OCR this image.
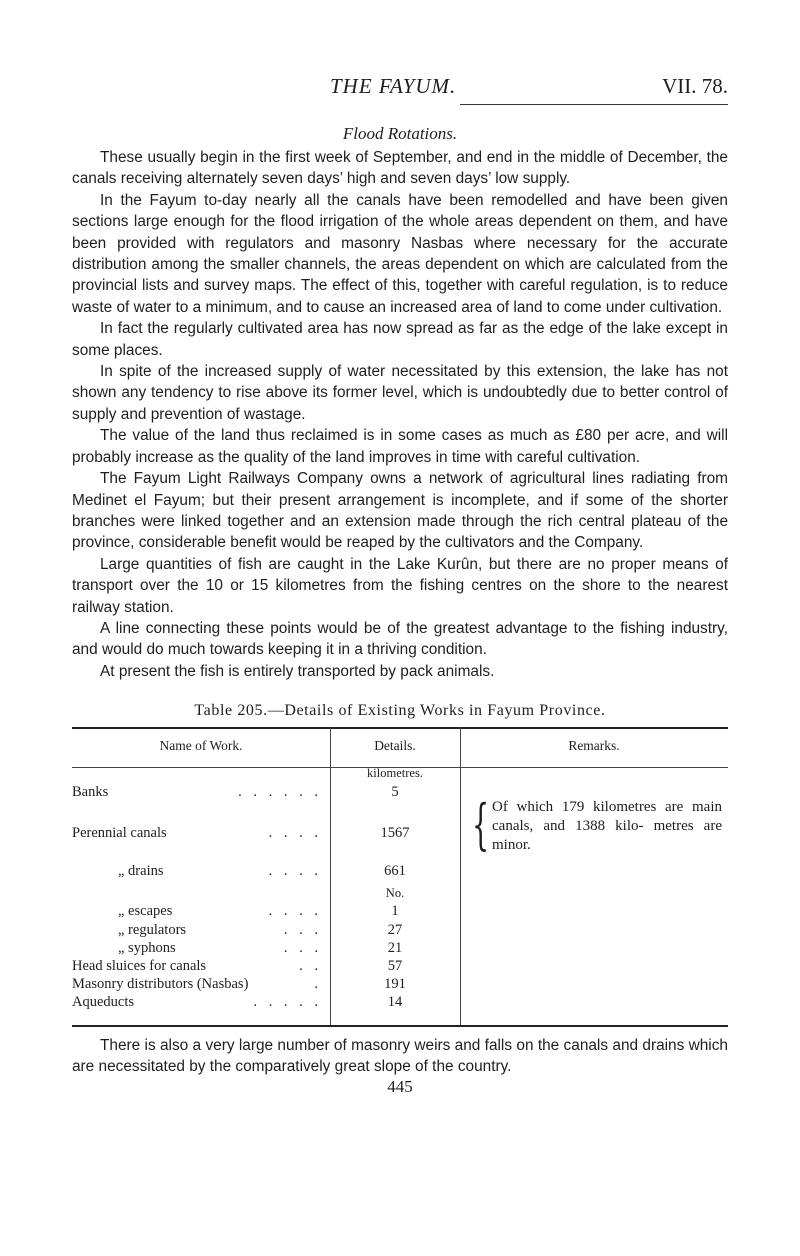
THE FAYUM.	VII. 78.
Flood Rotations.

These usually begin in the first week of September, and end in the middle of December, the canals receiving alternately seven days’ high and seven days’ low supply.

In the Fayum to-day nearly all the canals have been remodelled and have been given sections large enough for the flood irrigation of the whole areas dependent on them, and have been provided with regulators and masonry Nasbas where necessary for the accurate distribution among the smaller channels, the areas dependent on which are calculated from the provincial lists and survey maps. The effect of this, together with careful regulation, is to reduce waste of water to a minimum, and to cause an increased area of land to come under cultivation.

In fact the regularly cultivated area has now spread as far as the edge of the lake except in some places.

In spite of the increased supply of water necessitated by this extension, the lake has not shown any tendency to rise above its former level, which is undoubtedly due to better control of supply and prevention of wastage.

The value of the land thus reclaimed is in some cases as much as £80 per acre, and will probably increase as the quality of the land improves in time with careful cultivation.

The Fayum Light Railways Company owns a network of agricultural lines radiating from Medinet el Fayum; but their present arrangement is incomplete, and if some of the shorter branches were linked together and an extension made through the rich central plateau of the province, considerable benefit would be reaped by the cultivators and the Company.

Large quantities of fish are caught in the Lake Kurûn, but there are no proper means of transport over the 10 or 15 kilometres from the fishing centres on the shore to the nearest railway station.

A line connecting these points would be of the greatest advantage to the fishing industry, and would do much towards keeping it in a thriving condition.

At present the fish is entirely transported by pack animals.

Table 205.—Details of Existing Works in Fayum Province.
Name of Work.	Details.	Remarks.
kilometres.
Banks	. . . . . .	5
Perennial canals	. . . .	1567
„ drains	. . . .	661
No.
„ escapes	. . . .	1
„ regulators	. . .	27
„ syphons	. . .	21
Head sluices for canals	. .	57
Masonry distributors (Nasbas)	.	191
Aqueducts	. . . . .	14
{ Of which 179 kilometres are main canals, and 1388 kilo- metres are minor.
There is also a very large number of masonry weirs and falls on the canals and drains which are necessitated by the comparatively great slope of the country.
445
